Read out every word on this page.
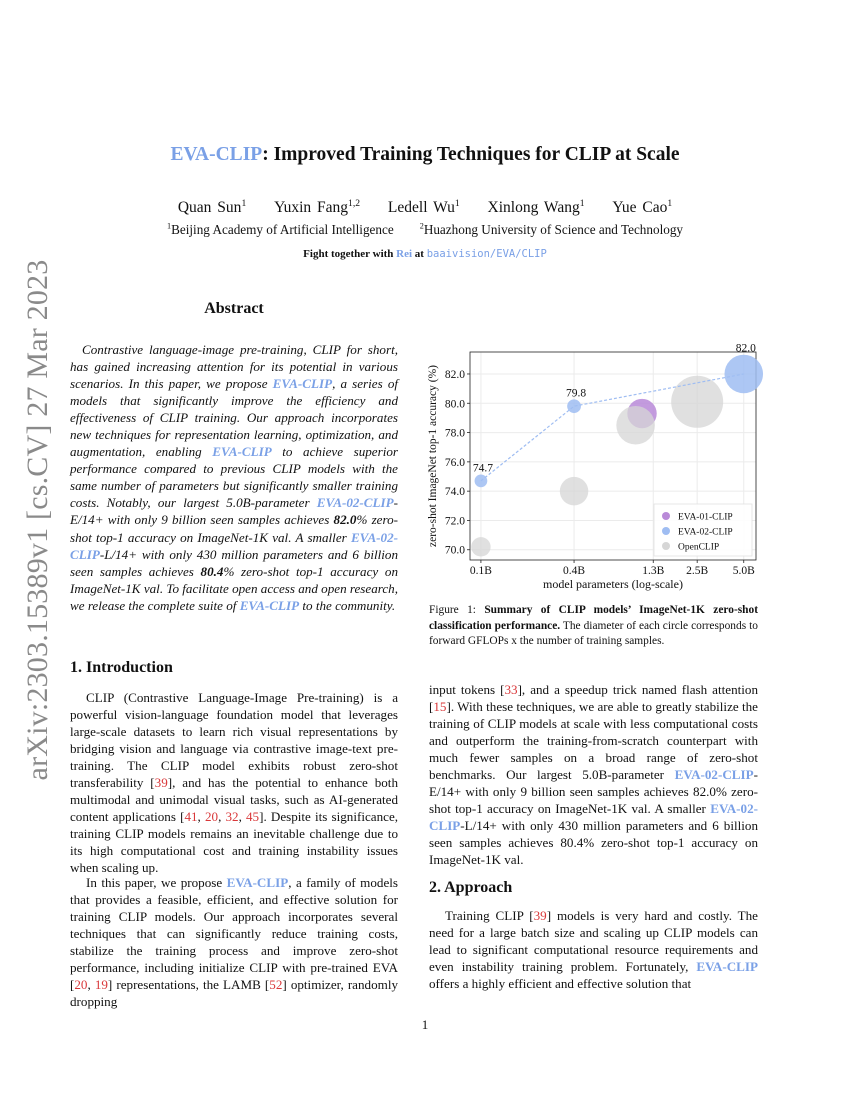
arXiv:2303.15389v1 [cs.CV] 27 Mar 2023
EVA-CLIP: Improved Training Techniques for CLIP at Scale
Quan Sun$^1$ Yuxin Fang$^{1,2}$ Ledell Wu$^1$ Xinlong Wang$^1$ Yue Cao$^1$
$^1$Beijing Academy of Artificial Intelligence	$^2$Huazhong University of Science and Technology
Fight together with Rei at baaivision/EVA/CLIP
Abstract
Contrastive language-image pre-training, CLIP for short, has gained increasing attention for its potential in various scenarios. In this paper, we propose EVA-CLIP, a series of models that significantly improve the efficiency and effectiveness of CLIP training. Our approach incorporates new techniques for representation learning, optimization, and augmentation, enabling EVA-CLIP to achieve superior performance compared to previous CLIP models with the same number of parameters but significantly smaller training costs. Notably, our largest 5.0B-parameter EVA-02-CLIP-E/14+ with only 9 billion seen samples achieves 82.0% zero-shot top-1 accuracy on ImageNet-1K val. A smaller EVA-02-CLIP-L/14+ with only 430 million parameters and 6 billion seen samples achieves 80.4% zero-shot top-1 accuracy on ImageNet-1K val. To facilitate open access and open research, we release the complete suite of EVA-CLIP to the community.
1. Introduction
CLIP (Contrastive Language-Image Pre-training) is a powerful vision-language foundation model that leverages large-scale datasets to learn rich visual representations by bridging vision and language via contrastive image-text pre-training. The CLIP model exhibits robust zero-shot transferability [39], and has the potential to enhance both multimodal and unimodal visual tasks, such as AI-generated content applications [41, 20, 32, 45]. Despite its significance, training CLIP models remains an inevitable challenge due to its high computational cost and training instability issues when scaling up.
In this paper, we propose EVA-CLIP, a family of models that provides a feasible, efficient, and effective solution for training CLIP models. Our approach incorporates several techniques that can significantly reduce training costs, stabilize the training process and improve zero-shot performance, including initialize CLIP with pre-trained EVA [20, 19] representations, the LAMB [52] optimizer, randomly dropping
70.0
72.0
74.0
76.0
78.0
80.0
82.0
0.1B	0.4B	1.3B 2.5B 5.0B
model parameters (log-scale)
zero-shot ImageNet top-1 accuracy (%)	74.7
79.8
82.0
EVA-01-CLIP
EVA-02-CLIP
OpenCLIP
Figure 1: Summary of CLIP models’ ImageNet-1K zero-shot classification performance. The diameter of each circle corresponds to forward GFLOPs x the number of training samples.
input tokens [33], and a speedup trick named flash attention [15]. With these techniques, we are able to greatly stabilize the training of CLIP models at scale with less computational costs and outperform the training-from-scratch counterpart with much fewer samples on a broad range of zero-shot benchmarks. Our largest 5.0B-parameter EVA-02-CLIP-E/14+ with only 9 billion seen samples achieves 82.0% zero-shot top-1 accuracy on ImageNet-1K val. A smaller EVA-02-CLIP-L/14+ with only 430 million parameters and 6 billion seen samples achieves 80.4% zero-shot top-1 accuracy on ImageNet-1K val.
2. Approach
Training CLIP [39] models is very hard and costly. The need for a large batch size and scaling up CLIP models can lead to significant computational resource requirements and even instability training problem. Fortunately, EVA-CLIP offers a highly efficient and effective solution that
1
